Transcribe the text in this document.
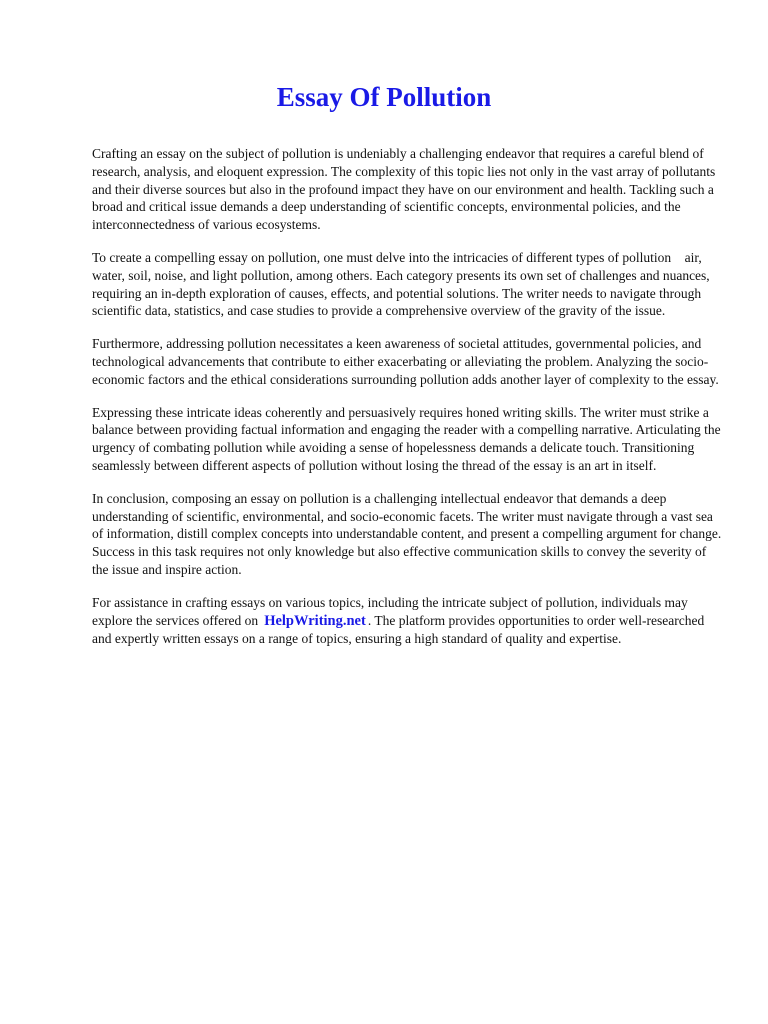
Essay Of Pollution

Crafting an essay on the subject of pollution is undeniably a challenging endeavor that requires a careful blend of research, analysis, and eloquent expression. The complexity of this topic lies not only in the vast array of pollutants and their diverse sources but also in the profound impact they have on our environment and health. Tackling such a broad and critical issue demands a deep understanding of scientific concepts, environmental policies, and the interconnectedness of various ecosystems.

To create a compelling essay on pollution, one must delve into the intricacies of different types of pollution    air, water, soil, noise, and light pollution, among others. Each category presents its own set of challenges and nuances, requiring an in-depth exploration of causes, effects, and potential solutions. The writer needs to navigate through scientific data, statistics, and case studies to provide a comprehensive overview of the gravity of the issue.

Furthermore, addressing pollution necessitates a keen awareness of societal attitudes, governmental policies, and technological advancements that contribute to either exacerbating or alleviating the problem. Analyzing the socio-economic factors and the ethical considerations surrounding pollution adds another layer of complexity to the essay.

Expressing these intricate ideas coherently and persuasively requires honed writing skills. The writer must strike a balance between providing factual information and engaging the reader with a compelling narrative. Articulating the urgency of combating pollution while avoiding a sense of hopelessness demands a delicate touch. Transitioning seamlessly between different aspects of pollution without losing the thread of the essay is an art in itself.

In conclusion, composing an essay on pollution is a challenging intellectual endeavor that demands a deep understanding of scientific, environmental, and socio-economic facets. The writer must navigate through a vast sea of information, distill complex concepts into understandable content, and present a compelling argument for change. Success in this task requires not only knowledge but also effective communication skills to convey the severity of the issue and inspire action.

For assistance in crafting essays on various topics, including the intricate subject of pollution, individuals may explore the services offered on HelpWriting.net . The platform provides opportunities to order well-researched and expertly written essays on a range of topics, ensuring a high standard of quality and expertise.
